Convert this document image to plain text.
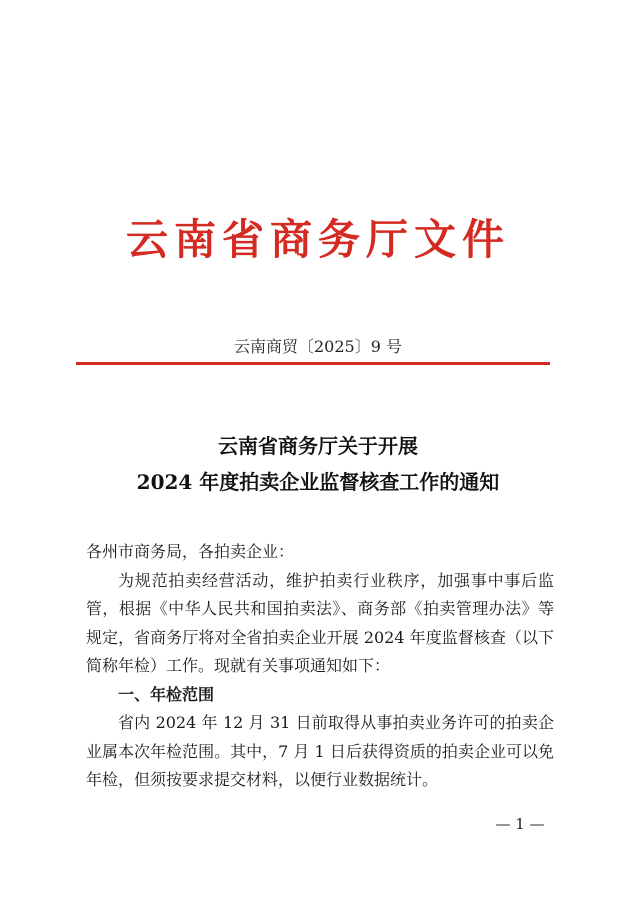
云南省商务厅文件
云南商贸〔2025〕9 号
云南省商务厅关于开展
2024 年度拍卖企业监督核查工作的通知

各州市商务局，各拍卖企业：

为规范拍卖经营活动，维护拍卖行业秩序，加强事中事后监管，根据《中华人民共和国拍卖法》、商务部《拍卖管理办法》等规定，省商务厅将对全省拍卖企业开展 2024 年度监督核查（以下简称年检）工作。现就有关事项通知如下：

一、年检范围

省内 2024 年 12 月 31 日前取得从事拍卖业务许可的拍卖企业属本次年检范围。其中，7 月 1 日后获得资质的拍卖企业可以免年检，但须按要求提交材料，以便行业数据统计。

— 1 —
